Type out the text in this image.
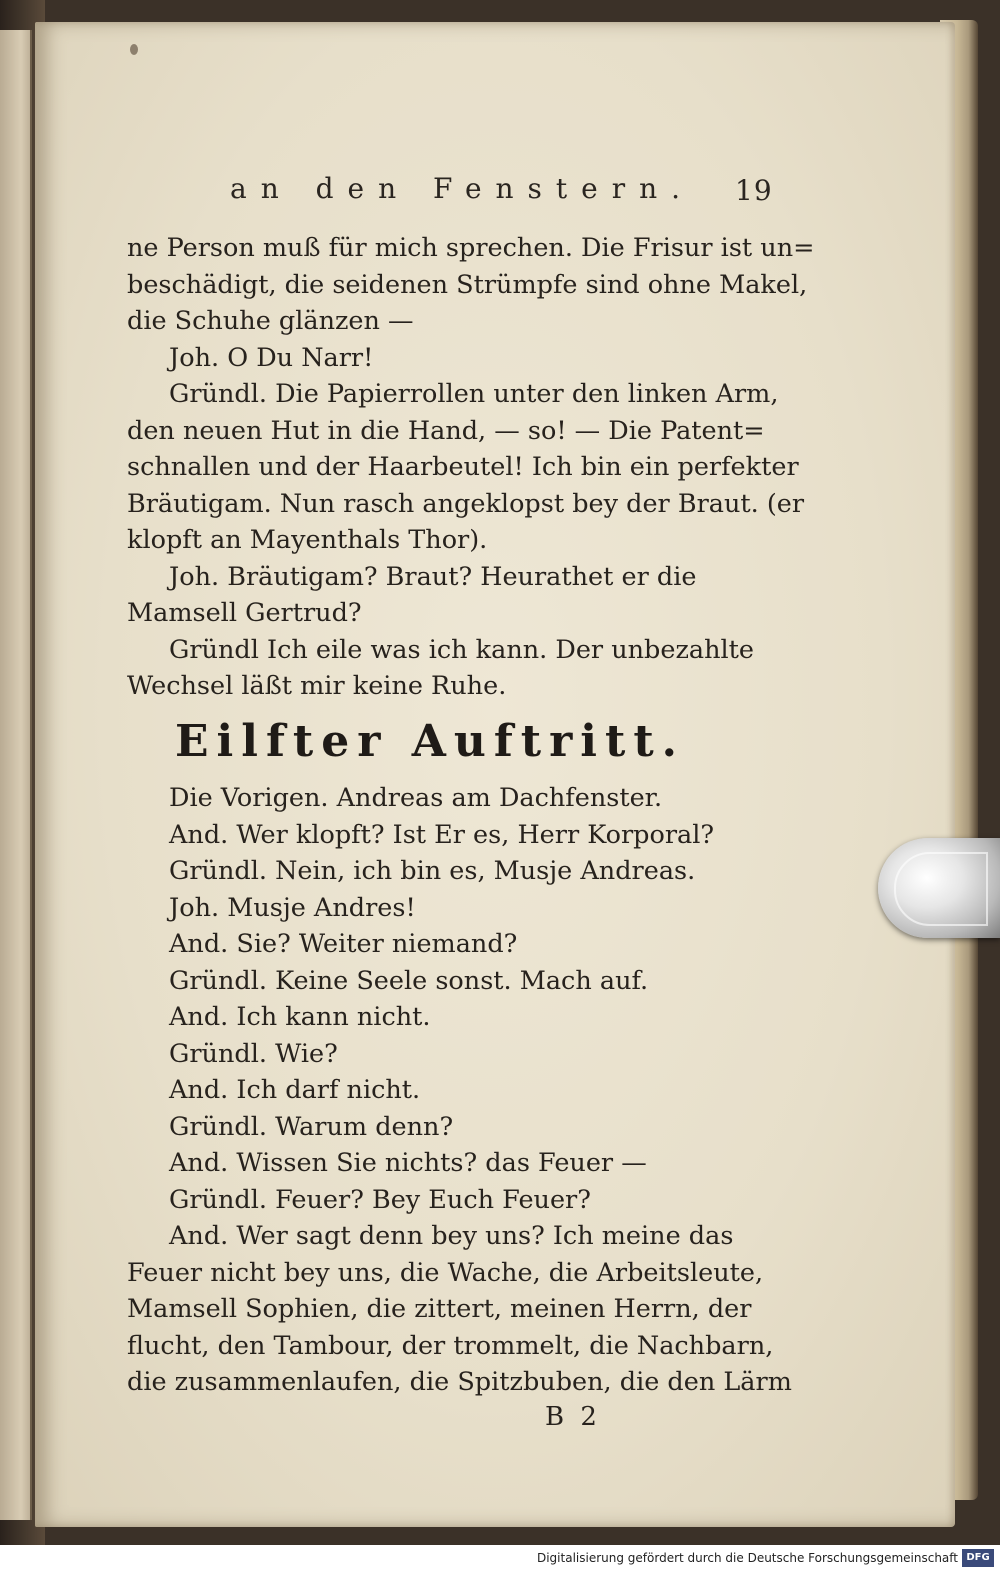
an den Fenstern.	19
ne Person muß für mich sprechen. Die Frisur ist un=
beschädigt, die seidenen Strümpfe sind ohne Makel,
die Schuhe glänzen —
Joh. O Du Narr!
Gründl. Die Papierrollen unter den linken Arm,
den neuen Hut in die Hand, — so! — Die Patent=
schnallen und der Haarbeutel! Ich bin ein perfekter
Bräutigam. Nun rasch angeklopst bey der Braut. (er
klopft an Mayenthals Thor).
Joh. Bräutigam? Braut? Heurathet er die
Mamsell Gertrud?
Gründl Ich eile was ich kann. Der unbezahlte
Wechsel läßt mir keine Ruhe.
Eilfter Auftritt.
Die Vorigen. Andreas am Dachfenster.
And. Wer klopft? Ist Er es, Herr Korporal?
Gründl. Nein, ich bin es, Musje Andreas.
Joh. Musje Andres!
And. Sie? Weiter niemand?
Gründl. Keine Seele sonst. Mach auf.
And. Ich kann nicht.
Gründl. Wie?
And. Ich darf nicht.
Gründl. Warum denn?
And. Wissen Sie nichts? das Feuer —
Gründl. Feuer? Bey Euch Feuer?
And. Wer sagt denn bey uns? Ich meine das
Feuer nicht bey uns, die Wache, die Arbeitsleute,
Mamsell Sophien, die zittert, meinen Herrn, der
flucht, den Tambour, der trommelt, die Nachbarn,
die zusammenlaufen, die Spitzbuben, die den Lärm
B 2
Digitalisierung gefördert durch die Deutsche Forschungsgemeinschaft DFG
